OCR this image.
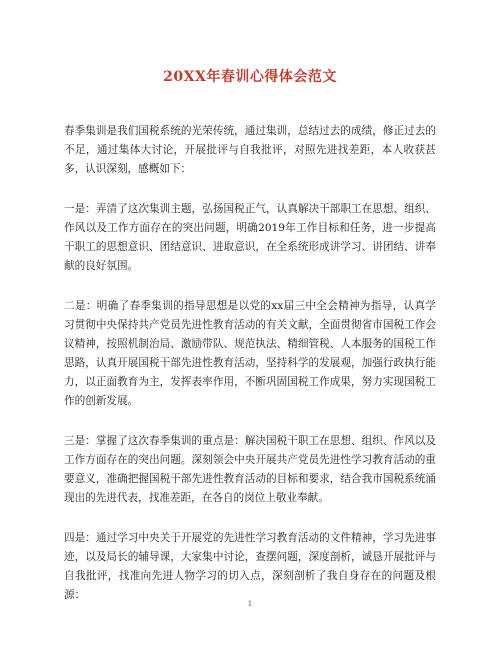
20XX年春训心得体会范文

春季集训是我们国税系统的光荣传统，通过集训，总结过去的成绩，修正过去的不足，通过集体大讨论，开展批评与自我批评，对照先进找差距，本人收获甚多，认识深刻，感概如下：

一是：弄清了这次集训主题，弘扬国税正气，认真解决干部职工在思想、组织、作风以及工作方面存在的突出问题，明确2019年工作目标和任务，进一步提高干职工的思想意识、团结意识、进取意识，在全系统形成讲学习、讲团结、讲奉献的良好氛围。

二是：明确了春季集训的指导思想是以党的xx届三中全会精神为指导，认真学习贯彻中央保持共产党员先进性教育活动的有关文献，全面贯彻省市国税工作会议精神，按照机制治局、激励带队、规范执法、精细管税、人本服务的国税工作思路，认真开展国税干部先进性教育活动，坚持科学的发展观，加强行政执行能力，以正面教育为主，发挥表率作用，不断巩固国税工作成果，努力实现国税工作的创新发展。

三是：掌握了这次春季集训的重点是：解决国税干职工在思想、组织、作风以及工作方面存在的突出问题。深刻领会中央开展共产党员先进性学习教育活动的重要意义，准确把握国税干部先进性教育活动的目标和要求，结合我市国税系统涌现出的先进代表，找准差距，在各自的岗位上敬业奉献。

四是：通过学习中央关于开展党的先进性学习教育活动的文件精神，学习先进事迹，以及局长的辅导课，大家集中讨论，查摆问题，深度剖析，诚恳开展批评与自我批评，找准向先进人物学习的切入点，深刻剖析了我自身存在的问题及根源：

1
